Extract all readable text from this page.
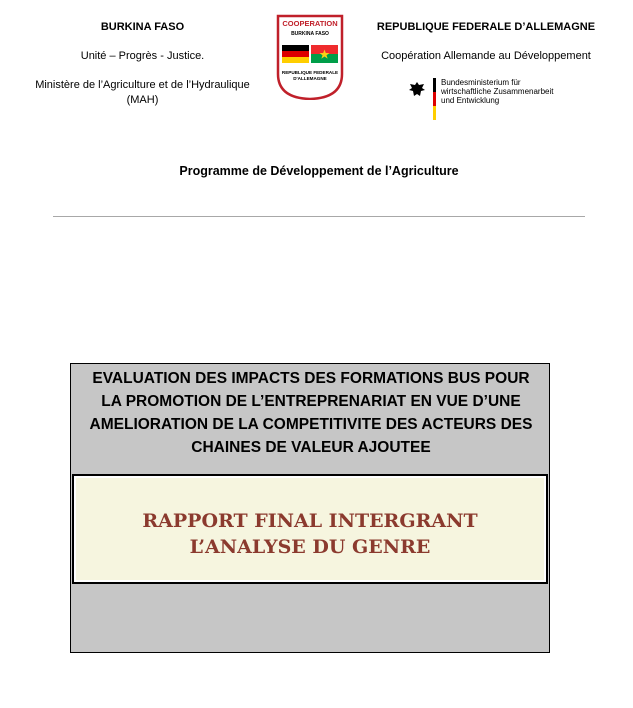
BURKINA FASO
Unité – Progrès - Justice.
Ministère de l’Agriculture et de l’Hydraulique
(MAH)
COOPERATION
BURKINA FASO
REPUBLIQUE FEDERALE
D'ALLEMAGNE
REPUBLIQUE FEDERALE D’ALLEMAGNE
Coopération Allemande au Développement
Bundesministerium für
wirtschaftliche Zusammenarbeit
und Entwicklung
Programme de Développement de l’Agriculture
EVALUATION DES IMPACTS DES FORMATIONS BUS POUR
LA PROMOTION DE L’ENTREPRENARIAT EN VUE D’UNE
AMELIORATION DE LA COMPETITIVITE DES ACTEURS DES
CHAINES DE VALEUR AJOUTEE
RAPPORT FINAL INTERGRANT
L’ANALYSE DU GENRE
